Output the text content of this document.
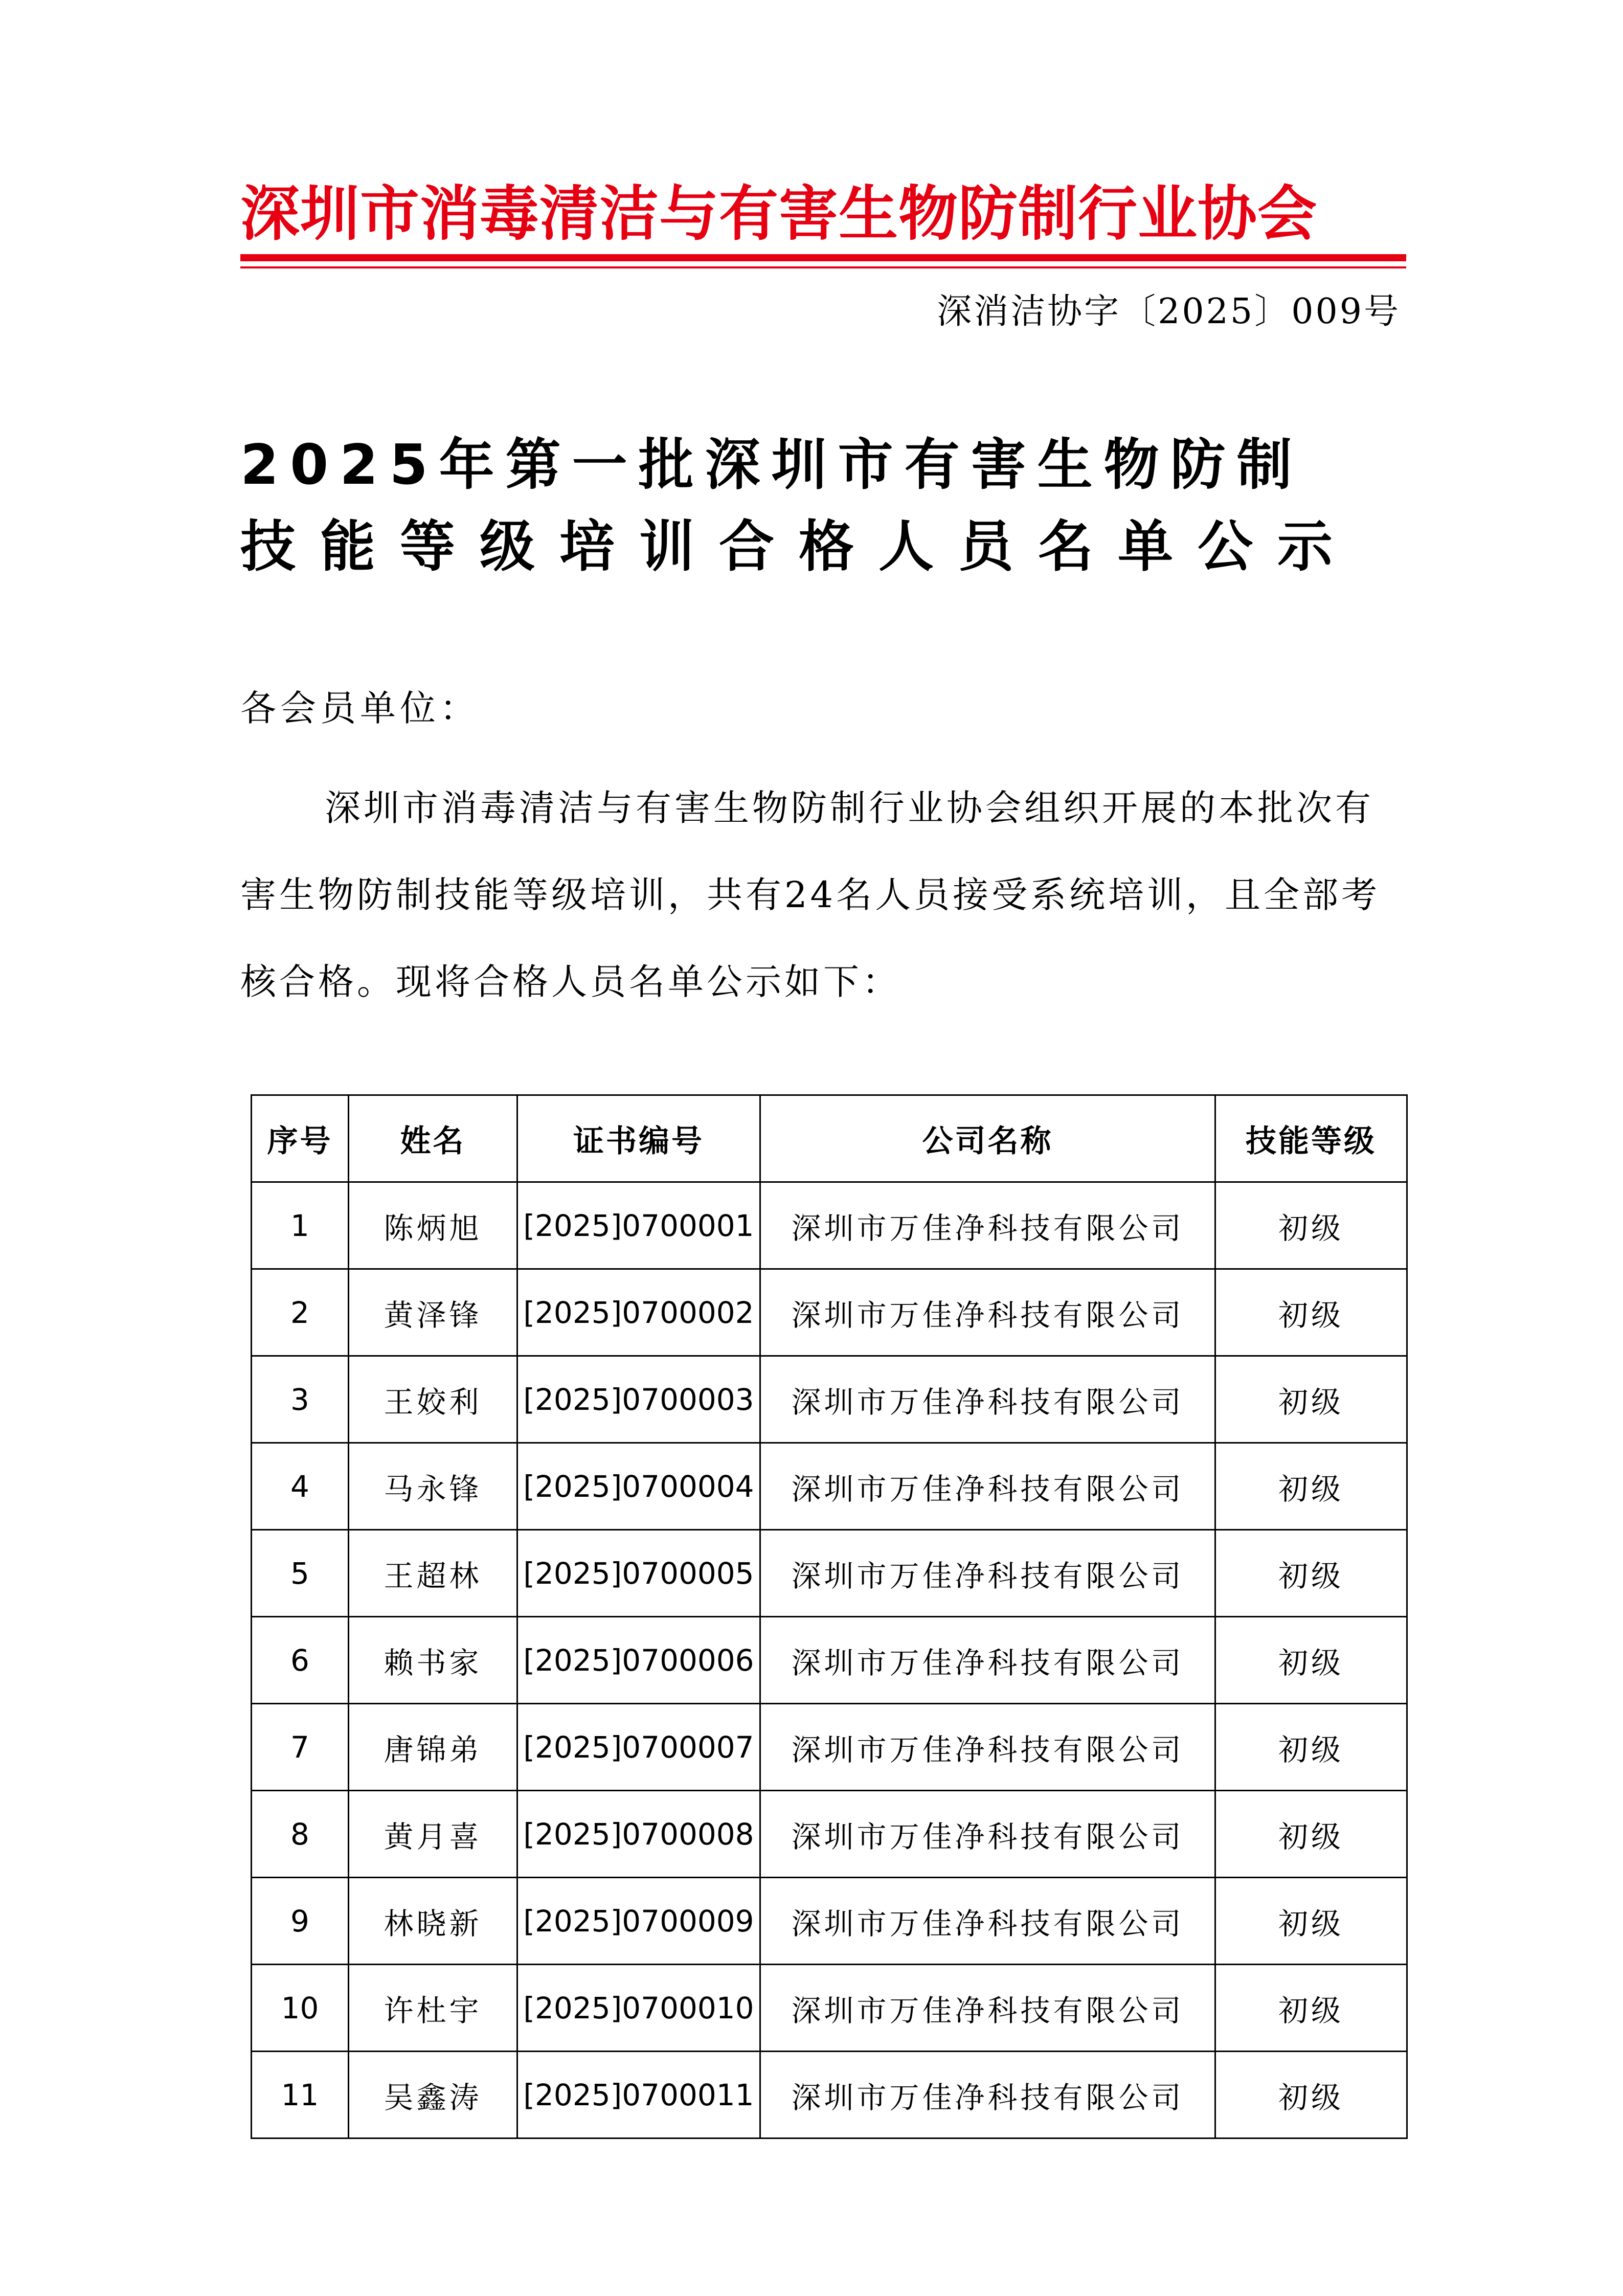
深圳市消毒清洁与有害生物防制行业协会
深消洁协字〔2025〕009号
2025年第一批深圳市有害生物防制
技能等级培训合格人员名单公示
各会员单位：
深圳市消毒清洁与有害生物防制行业协会组织开展的本批次有害生物防制技能等级培训，共有24名人员接受系统培训，且全部考核合格。现将合格人员名单公示如下：
序号	姓名	证书编号	公司名称	技能等级
1	陈炳旭	[2025]0700001	深圳市万佳净科技有限公司	初级
2	黄泽锋	[2025]0700002	深圳市万佳净科技有限公司	初级
3	王姣利	[2025]0700003	深圳市万佳净科技有限公司	初级
4	马永锋	[2025]0700004	深圳市万佳净科技有限公司	初级
5	王超林	[2025]0700005	深圳市万佳净科技有限公司	初级
6	赖书家	[2025]0700006	深圳市万佳净科技有限公司	初级
7	唐锦弟	[2025]0700007	深圳市万佳净科技有限公司	初级
8	黄月喜	[2025]0700008	深圳市万佳净科技有限公司	初级
9	林晓新	[2025]0700009	深圳市万佳净科技有限公司	初级
10	许杜宇	[2025]0700010	深圳市万佳净科技有限公司	初级
11	吴鑫涛	[2025]0700011	深圳市万佳净科技有限公司	初级
